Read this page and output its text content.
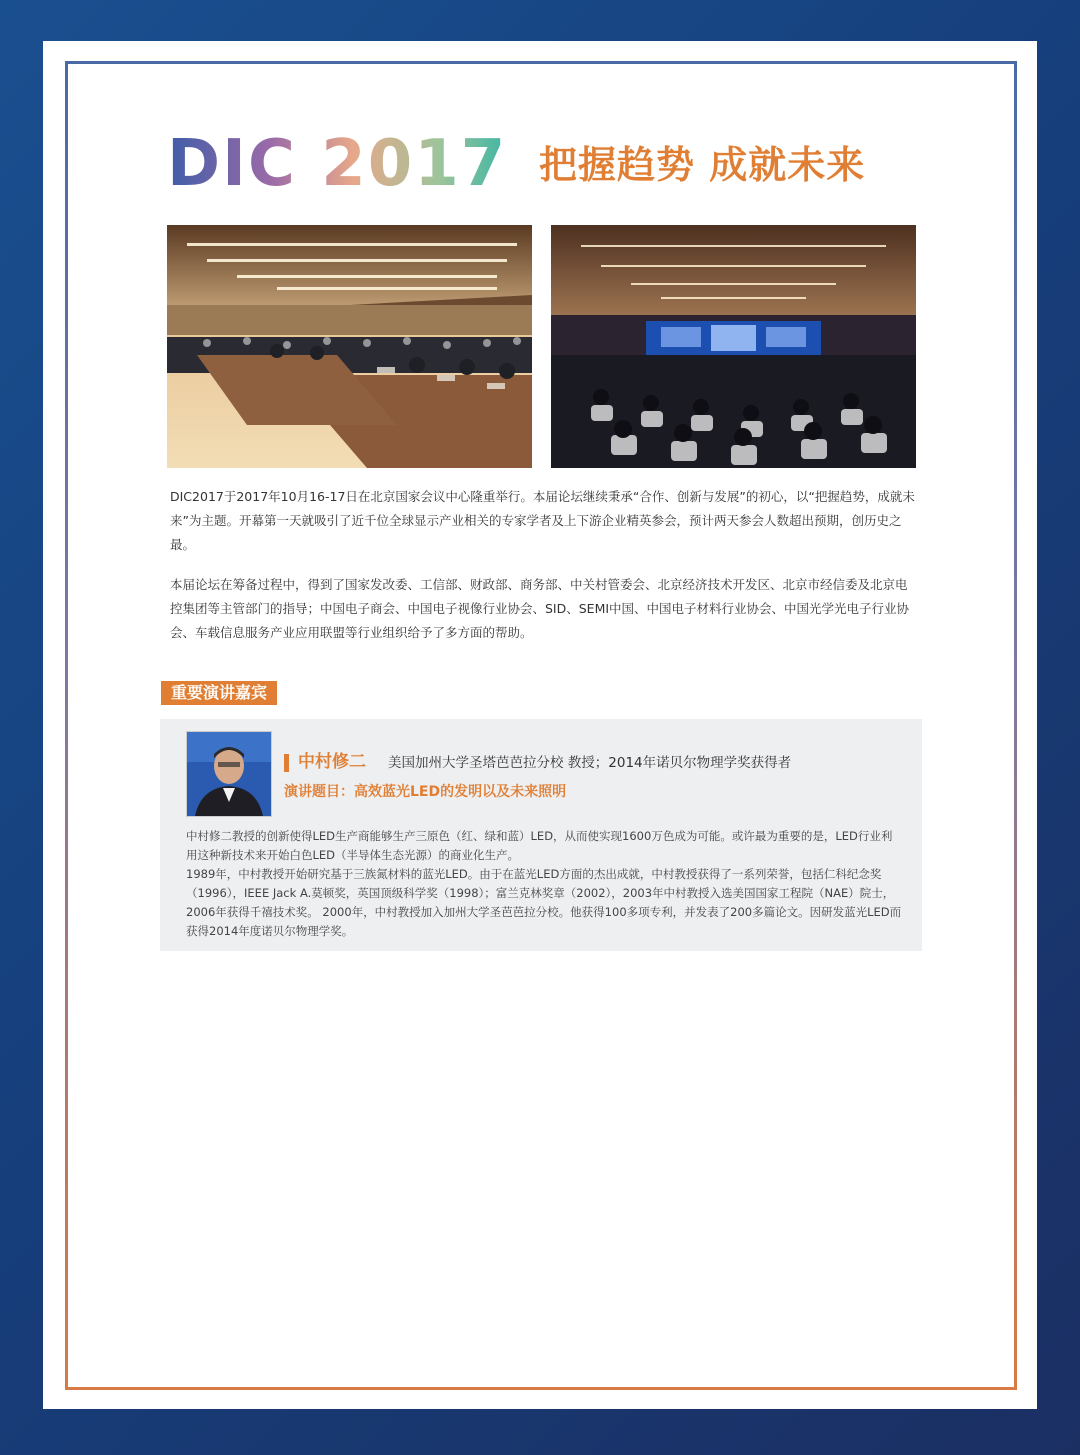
DIC 2017 把握趋势 成就未来

DIC2017于2017年10月16-17日在北京国家会议中心隆重举行。本届论坛继续秉承“合作、创新与发展”的初心，以“把握趋势，成就未来”为主题。开幕第一天就吸引了近千位全球显示产业相关的专家学者及上下游企业精英参会，预计两天参会人数超出预期，创历史之最。

本届论坛在筹备过程中，得到了国家发改委、工信部、财政部、商务部、中关村管委会、北京经济技术开发区、北京市经信委及北京电控集团等主管部门的指导；中国电子商会、中国电子视像行业协会、SID、SEMI中国、中国电子材料行业协会、中国光学光电子行业协会、车载信息服务产业应用联盟等行业组织给予了多方面的帮助。

重要演讲嘉宾
中村修二 美国加州大学圣塔芭芭拉分校 教授；2014年诺贝尔物理学奖获得者
演讲题目：高效蓝光LED的发明以及未来照明

中村修二教授的创新使得LED生产商能够生产三原色（红、绿和蓝）LED，从而使实现1600万色成为可能。或许最为重要的是，LED行业利用这种新技术来开始白色LED（半导体生态光源）的商业化生产。

1989年，中村教授开始研究基于三族氮材料的蓝光LED。由于在蓝光LED方面的杰出成就，中村教授获得了一系列荣誉，包括仁科纪念奖（1996），IEEE Jack A.莫顿奖，英国顶级科学奖（1998）；富兰克林奖章（2002），2003年中村教授入选美国国家工程院（NAE）院士，2006年获得千禧技术奖。 2000年，中村教授加入加州大学圣芭芭拉分校。他获得100多项专利，并发表了200多篇论文。因研发蓝光LED而获得2014年度诺贝尔物理学奖。
